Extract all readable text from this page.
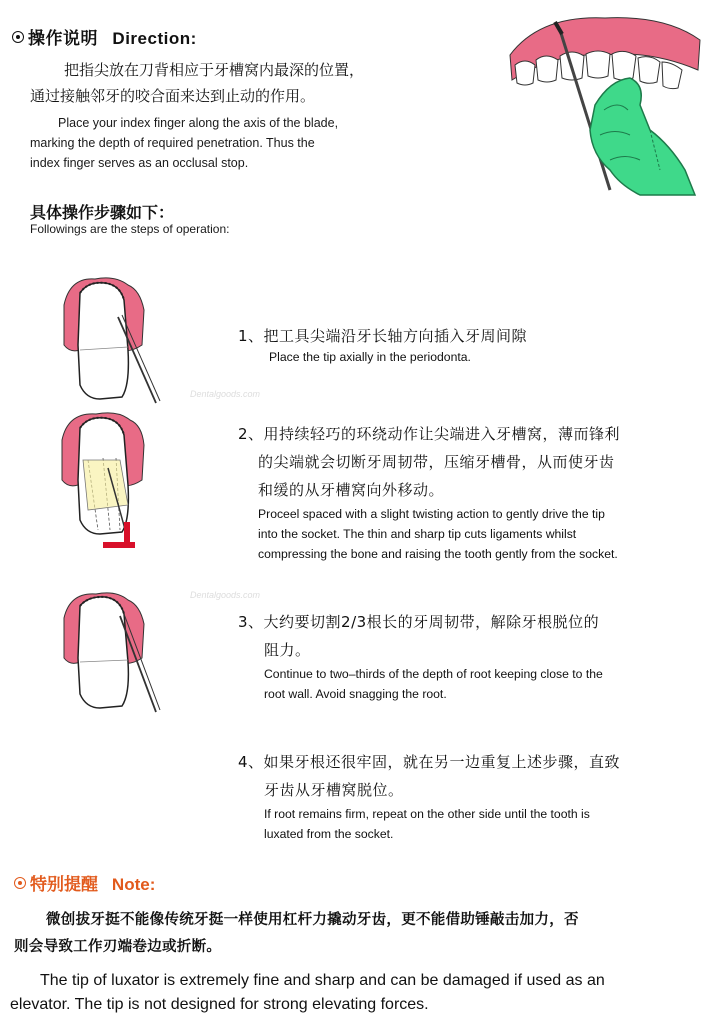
操作说明 Direction:
把指尖放在刀背相应于牙槽窝内最深的位置，
通过接触邻牙的咬合面来达到止动的作用。
Place your index finger along the axis of the blade,
marking the depth of required penetration. Thus the
index finger serves as an occlusal stop.
具体操作步骤如下：
Followings are the steps of operation:
Dentalgoods.com
Dentalgoods.com
1、把工具尖端沿牙长轴方向插入牙周间隙
Place the tip axially in the periodonta.
2、用持续轻巧的环绕动作让尖端进入牙槽窝，薄而锋利
的尖端就会切断牙周韧带，压缩牙槽骨，从而使牙齿
和缓的从牙槽窝向外移动。
Proceel spaced with a slight twisting action to gently drive the tip
into the socket. The thin and sharp tip cuts ligaments whilst
compressing the bone and raising the tooth gently from the socket.
3、大约要切割2/3根长的牙周韧带，解除牙根脱位的
阻力。
Continue to two–thirds of the depth of root keeping close to the
root wall. Avoid snagging the root.
4、如果牙根还很牢固，就在另一边重复上述步骤，直致
牙齿从牙槽窝脱位。
If root remains firm, repeat on the other side until the tooth is
luxated from the socket.
特别提醒 Note:
微创拔牙挺不能像传统牙挺一样使用杠杆力撬动牙齿，更不能借助锤敲击加力，否
则会导致工作刃端卷边或折断。
The tip of luxator is extremely fine and sharp and can be damaged if used as an
elevator. The tip is not designed for strong elevating forces.
